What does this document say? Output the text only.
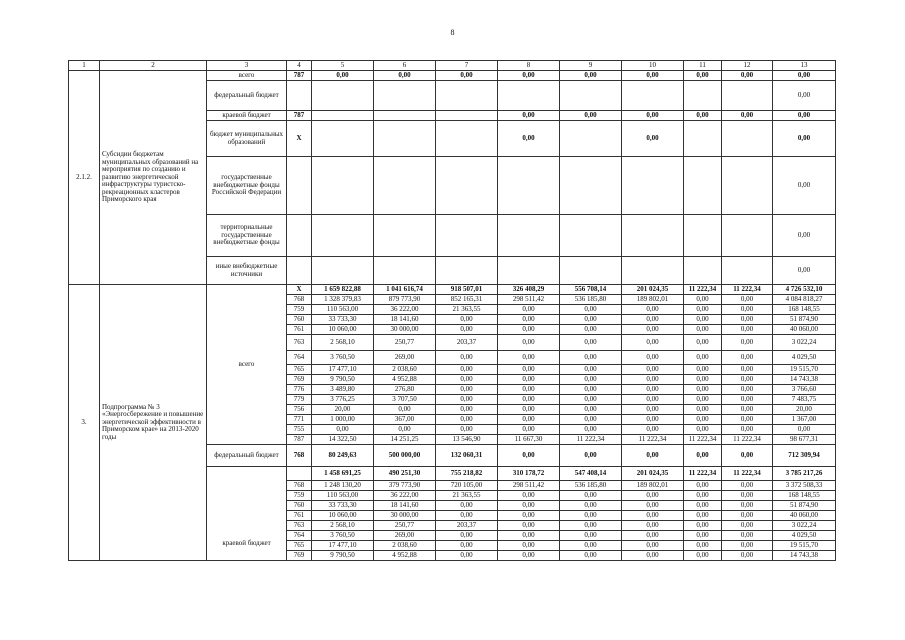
8
1	2	3	4	5	6	7	8	9	10	11	12	13
2.1.2.	Субсидии бюджетам муниципальных образований на мероприятия по созданию и развитию энергетической инфраструктуры туристско-рекреационных кластеров Приморского края	всего	787	0,00	0,00	0,00	0,00	0,00	0,00	0,00	0,00	0,00
		федеральный бюджет										0,00
		краевой бюджет	787				0,00	0,00	0,00	0,00	0,00	0,00
		бюджет муниципальных образований	X				0,00		0,00			0,00
		государственные внебюджетные фонды Российской Федерации										0,00
		территориальные государственные внебюджетные фонды										0,00
		иные внебюджетные источники										0,00
3.	Подпрограмма № 3 «Энергосбережение и повышение энергетической эффективности в Приморском крае» на 2013-2020 годы	всего	X	1 659 822,88	1 041 616,74	918 507,01	326 408,29	556 708,14	201 024,35	11 222,34	11 222,34	4 726 532,10
			768	1 328 379,83	879 773,90	852 165,31	298 511,42	536 185,80	189 802,01	0,00	0,00	4 084 818,27
			759	110 563,00	36 222,00	21 363,55	0,00	0,00	0,00	0,00	0,00	168 148,55
			760	33 733,30	18 141,60	0,00	0,00	0,00	0,00	0,00	0,00	51 874,90
			761	10 060,00	30 000,00	0,00	0,00	0,00	0,00	0,00	0,00	40 060,00
			763	2 568,10	250,77	203,37	0,00	0,00	0,00	0,00	0,00	3 022,24
			764	3 760,50	269,00	0,00	0,00	0,00	0,00	0,00	0,00	4 029,50
			765	17 477,10	2 038,60	0,00	0,00	0,00	0,00	0,00	0,00	19 515,70
			769	9 790,50	4 952,88	0,00	0,00	0,00	0,00	0,00	0,00	14 743,38
			776	3 489,80	276,80	0,00	0,00	0,00	0,00	0,00	0,00	3 766,60
			779	3 776,25	3 707,50	0,00	0,00	0,00	0,00	0,00	0,00	7 483,75
			756	20,00	0,00	0,00	0,00	0,00	0,00	0,00	0,00	20,00
			771	1 000,00	367,00	0,00	0,00	0,00	0,00	0,00	0,00	1 367,00
			755	0,00	0,00	0,00	0,00	0,00	0,00	0,00	0,00	0,00
			787	14 322,50	14 251,25	13 546,90	11 667,30	11 222,34	11 222,34	11 222,34	11 222,34	98 677,31
		федеральный бюджет	768	80 249,63	500 000,00	132 060,31	0,00	0,00	0,00	0,00	0,00	712 309,94
		краевой бюджет		1 458 691,25	490 251,30	755 218,82	310 178,72	547 408,14	201 024,35	11 222,34	11 222,34	3 785 217,26
			768	1 248 130,20	379 773,90	720 105,00	298 511,42	536 185,80	189 802,01	0,00	0,00	3 372 508,33
			759	110 563,00	36 222,00	21 363,55	0,00	0,00	0,00	0,00	0,00	168 148,55
			760	33 733,30	18 141,60	0,00	0,00	0,00	0,00	0,00	0,00	51 874,90
			761	10 060,00	30 000,00	0,00	0,00	0,00	0,00	0,00	0,00	40 060,00
			763	2 568,10	250,77	203,37	0,00	0,00	0,00	0,00	0,00	3 022,24
			764	3 760,50	269,00	0,00	0,00	0,00	0,00	0,00	0,00	4 029,50
			765	17 477,10	2 038,60	0,00	0,00	0,00	0,00	0,00	0,00	19 515,70
			769	9 790,50	4 952,88	0,00	0,00	0,00	0,00	0,00	0,00	14 743,38
